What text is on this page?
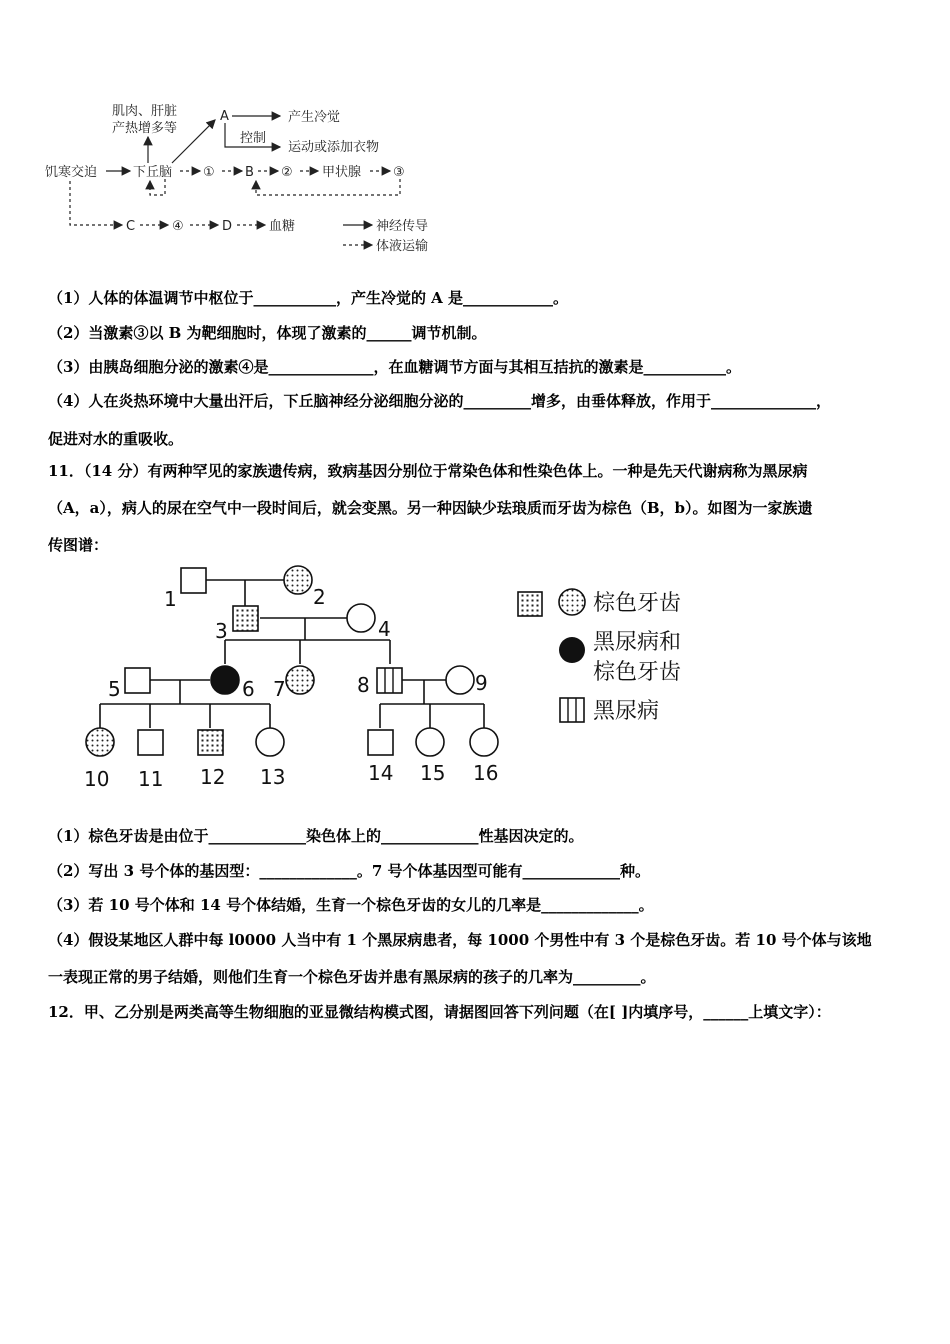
肌肉、肝脏
产热增多等
A	产生冷觉
控制
运动或添加衣物
饥寒交迫	下丘脑 ① B ② 甲状腺 ③
C	④	D	血糖	神经传导
体液运输
（1）人体的体温调节中枢位于___________，产生冷觉的 A 是____________。
（2）当激素③以 B 为靶细胞时，体现了激素的______调节机制。
（3）由胰岛细胞分泌的激素④是______________，在血糖调节方面与其相互拮抗的激素是___________。
（4）人在炎热环境中大量出汗后，下丘脑神经分泌细胞分泌的_________增多，由垂体释放，作用于______________，
促进对水的重吸收。
11．（14 分）有两种罕见的家族遗传病，致病基因分别位于常染色体和性染色体上。一种是先天代谢病称为黑尿病
（A，a），病人的尿在空气中一段时间后，就会变黑。另一种因缺少珐琅质而牙齿为棕色（B，b）。如图为一家族遗
传图谱：
1	2
3	4
5	6 7	8	9
10 11 12 13	14 15 16
棕色牙齿
黑尿病和
棕色牙齿
黑尿病
（1）棕色牙齿是由位于_____________染色体上的_____________性基因决定的。
（2）写出 3 号个体的基因型：_____________。7 号个体基因型可能有_____________种。
（3）若 10 号个体和 14 号个体结婚，生育一个棕色牙齿的女儿的几率是_____________。
（4）假设某地区人群中每 l0000 人当中有 1 个黑尿病患者，每 1000 个男性中有 3 个是棕色牙齿。若 10 号个体与该地
一表现正常的男子结婚，则他们生育一个棕色牙齿并患有黑尿病的孩子的几率为_________。
12．甲、乙分别是两类高等生物细胞的亚显微结构模式图，请据图回答下列问题（在[ ]内填序号，______上填文字）：
